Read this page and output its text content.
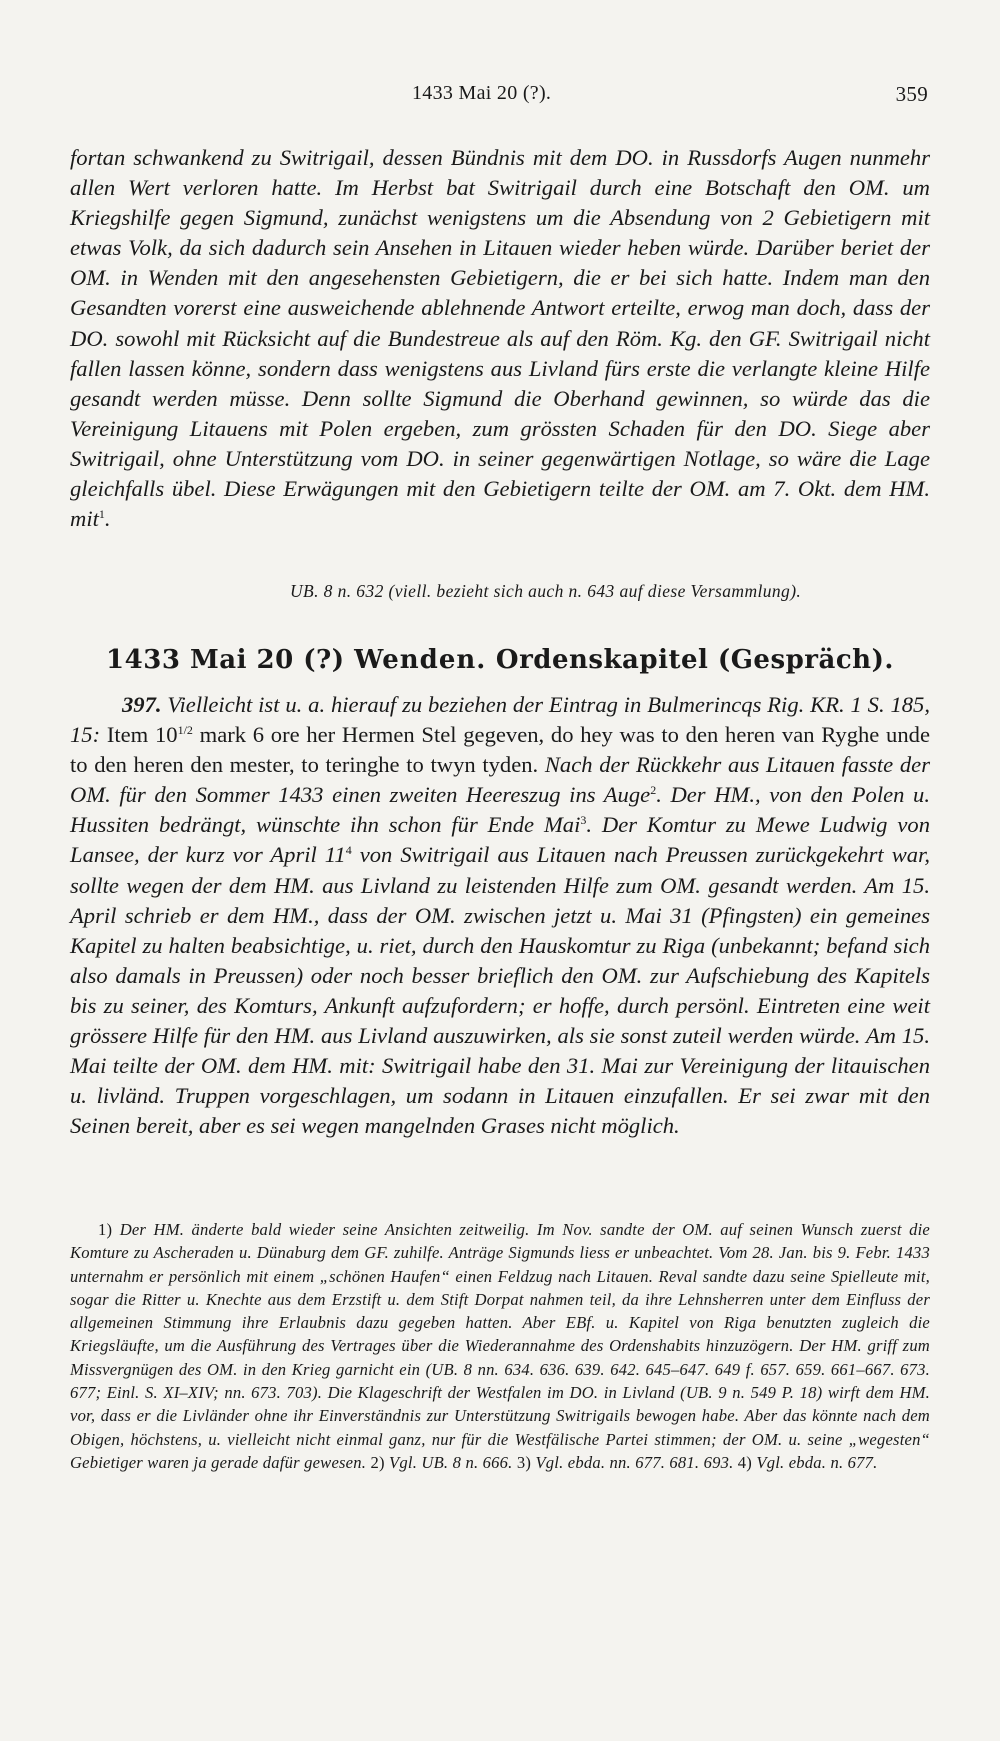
1433 Mai 20 (?).	359

fortan schwankend zu Switrigail, dessen Bündnis mit dem DO. in Russdorfs Augen nunmehr allen Wert verloren hatte. Im Herbst bat Switrigail durch eine Botschaft den OM. um Kriegshilfe gegen Sigmund, zunächst wenigstens um die Absendung von 2 Gebietigern mit etwas Volk, da sich dadurch sein Ansehen in Litauen wieder heben würde. Darüber beriet der OM. in Wenden mit den angesehensten Gebietigern, die er bei sich hatte. Indem man den Gesandten vorerst eine ausweichende ablehnende Antwort erteilte, erwog man doch, dass der DO. sowohl mit Rücksicht auf die Bundestreue als auf den Röm. Kg. den GF. Switrigail nicht fallen lassen könne, sondern dass wenigstens aus Livland fürs erste die verlangte kleine Hilfe gesandt werden müsse. Denn sollte Sigmund die Oberhand gewinnen, so würde das die Vereinigung Litauens mit Polen ergeben, zum grössten Schaden für den DO. Siege aber Switrigail, ohne Unterstützung vom DO. in seiner gegenwärtigen Notlage, so wäre die Lage gleichfalls übel. Diese Erwägungen mit den Gebietigern teilte der OM. am 7. Okt. dem HM. mit$^1$.

UB. 8 n. 632 (viell. bezieht sich auch n. 643 auf diese Versammlung).
1433 Mai 20 (?) Wenden. Ordenskapitel (Gespräch).

397. Vielleicht ist u. a. hierauf zu beziehen der Eintrag in Bulmerincqs Rig. KR. 1 S. 185, 15: Item $10^{1/2}$ mark 6 ore her Hermen Stel gegeven, do hey was to den heren van Ryghe unde to den heren den mester, to teringhe to twyn tyden. Nach der Rückkehr aus Litauen fasste der OM. für den Sommer 1433 einen zweiten Heereszug ins Auge$^2$. Der HM., von den Polen u. Hussiten bedrängt, wünschte ihn schon für Ende Mai$^3$. Der Komtur zu Mewe Ludwig von Lansee, der kurz vor April $11^4$ von Switrigail aus Litauen nach Preussen zurückgekehrt war, sollte wegen der dem HM. aus Livland zu leistenden Hilfe zum OM. gesandt werden. Am 15. April schrieb er dem HM., dass der OM. zwischen jetzt u. Mai 31 (Pfingsten) ein gemeines Kapitel zu halten beabsichtige, u. riet, durch den Hauskomtur zu Riga (unbekannt; befand sich also damals in Preussen) oder noch besser brieflich den OM. zur Aufschiebung des Kapitels bis zu seiner, des Komturs, Ankunft aufzufordern; er hoffe, durch persönl. Eintreten eine weit grössere Hilfe für den HM. aus Livland auszuwirken, als sie sonst zuteil werden würde. Am 15. Mai teilte der OM. dem HM. mit: Switrigail habe den 31. Mai zur Vereinigung der litauischen u. livländ. Truppen vorgeschlagen, um sodann in Litauen einzufallen. Er sei zwar mit den Seinen bereit, aber es sei wegen mangelnden Grases nicht möglich.

1) Der HM. änderte bald wieder seine Ansichten zeitweilig. Im Nov. sandte der OM. auf seinen Wunsch zuerst die Komture zu Ascheraden u. Dünaburg dem GF. zuhilfe. Anträge Sigmunds liess er unbeachtet. Vom 28. Jan. bis 9. Febr. 1433 unternahm er persönlich mit einem „schönen Haufen“ einen Feldzug nach Litauen. Reval sandte dazu seine Spielleute mit, sogar die Ritter u. Knechte aus dem Erzstift u. dem Stift Dorpat nahmen teil, da ihre Lehnsherren unter dem Einfluss der allgemeinen Stimmung ihre Erlaubnis dazu gegeben hatten. Aber EBf. u. Kapitel von Riga benutzten zugleich die Kriegsläufte, um die Ausführung des Vertrages über die Wiederannahme des Ordenshabits hinzuzögern. Der HM. griff zum Missvergnügen des OM. in den Krieg garnicht ein (UB. 8 nn. 634. 636. 639. 642. 645–647. 649 f. 657. 659. 661–667. 673. 677; Einl. S. XI–XIV; nn. 673. 703). Die Klageschrift der Westfalen im DO. in Livland (UB. 9 n. 549 P. 18) wirft dem HM. vor, dass er die Livländer ohne ihr Einverständnis zur Unterstützung Switrigails bewogen habe. Aber das könnte nach dem Obigen, höchstens, u. vielleicht nicht einmal ganz, nur für die Westfälische Partei stimmen; der OM. u. seine „wegesten“ Gebietiger waren ja gerade dafür gewesen. 2) Vgl. UB. 8 n. 666. 3) Vgl. ebda. nn. 677. 681. 693. 4) Vgl. ebda. n. 677.
